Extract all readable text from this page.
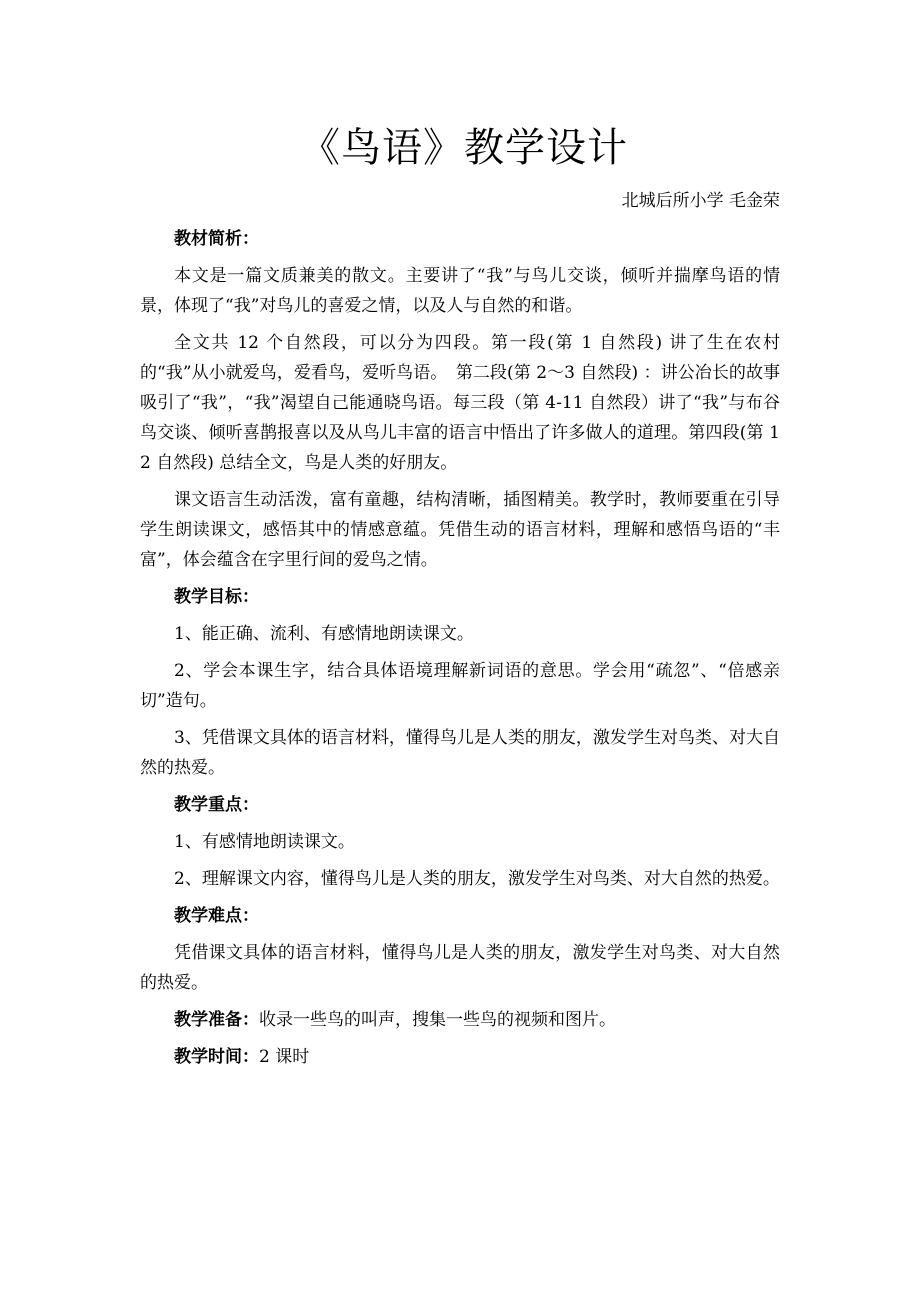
《鸟语》教学设计
北城后所小学 毛金荣

教材简析：

本文是一篇文质兼美的散文。主要讲了“我”与鸟儿交谈，倾听并揣摩鸟语的情景，体现了“我”对鸟儿的喜爱之情，以及人与自然的和谐。

全文共 12 个自然段，可以分为四段。第一段(第 1 自然段) 讲了生在农村的“我”从小就爱鸟，爱看鸟，爱听鸟语。　第二段(第 2～3 自然段) ：讲公冶长的故事吸引了“我”，“我”渴望自己能通晓鸟语。每三段（第 4-11 自然段）讲了“我”与布谷鸟交谈、倾听喜鹊报喜以及从鸟儿丰富的语言中悟出了许多做人的道理。第四段(第 12 自然段) 总结全文，鸟是人类的好朋友。

课文语言生动活泼，富有童趣，结构清晰，插图精美。教学时，教师要重在引导学生朗读课文，感悟其中的情感意蕴。凭借生动的语言材料，理解和感悟鸟语的“丰富”，体会蕴含在字里行间的爱鸟之情。

教学目标：

1、能正确、流利、有感情地朗读课文。

2、学会本课生字，结合具体语境理解新词语的意思。学会用“疏忽”、“倍感亲切”造句。

3、凭借课文具体的语言材料，懂得鸟儿是人类的朋友，激发学生对鸟类、对大自然的热爱。

教学重点：

1、有感情地朗读课文。

2、理解课文内容，懂得鸟儿是人类的朋友，激发学生对鸟类、对大自然的热爱。

教学难点：

凭借课文具体的语言材料，懂得鸟儿是人类的朋友，激发学生对鸟类、对大自然的热爱。

教学准备：收录一些鸟的叫声，搜集一些鸟的视频和图片。

教学时间：2 课时
